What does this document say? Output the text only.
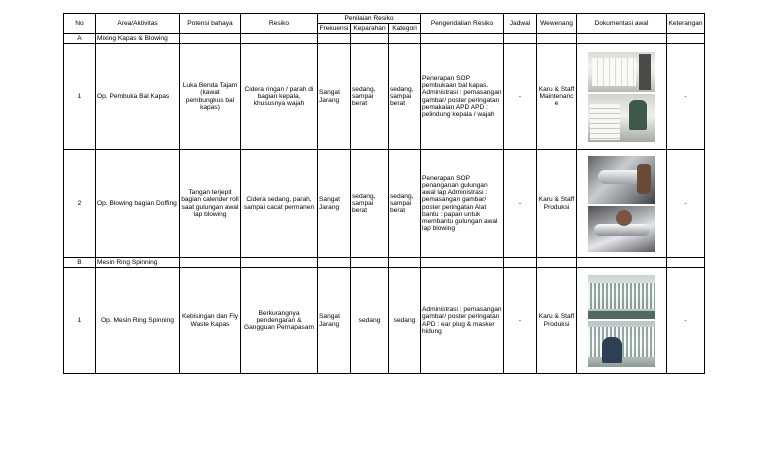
No	Area/Aktivitas	Potensi bahaya	Resiko	Penilaian Resiko			Pengendalian Resiko	Jadwal	Wewenang	Dokumentasi awal	Keterangan
				Frekuensi	Keparahan	Kategori					
A	Mixing Kapas & Blowing										
1	Op. Pembuka Bal Kapas	Luka Benda Tajam (kawat pembungkus bal kapas)	Cidera ringan / parah di bagian kepala, khususnya wajah	Sangat Jarang	sedang, sampai berat	sedang, sampai berat	Penerapan SOP pembukaan bal kapas. Administrasi : pemasangan gambar/ poster peringatan pemakaian APD APD : pelindung kepala / wajah	-	Karu & Staff Maintenance		-
2	Op. Blowing bagian Doffing	Tangan terjepit bagian calender roll saat gulungan awal lap blowing	Cidera sedang, parah, sampai cacat permanen	Sangat Jarang	sedang, sampai berat	sedang, sampai berat	Penerapan SOP penanganan gulungan awal lap Administrasi : pemasangan gambar/ poster peringatan Alat bantu : papan untuk membantu gulungan awal lap blowing	-	Karu & Staff Produksi		-
B	Mesin Ring Spinning										
1	Op. Mesin Ring Spinning	Kebisingan dan Fly Waste Kapas	Berkurangnya pendengaran & Gangguan Pernapasam	Sangat Jarang	sedang	sedang	Administrasi : pemasangan gambar/ poster peringatan APD : ear plug & masker hidung	-	Karu & Staff Produksi		-
